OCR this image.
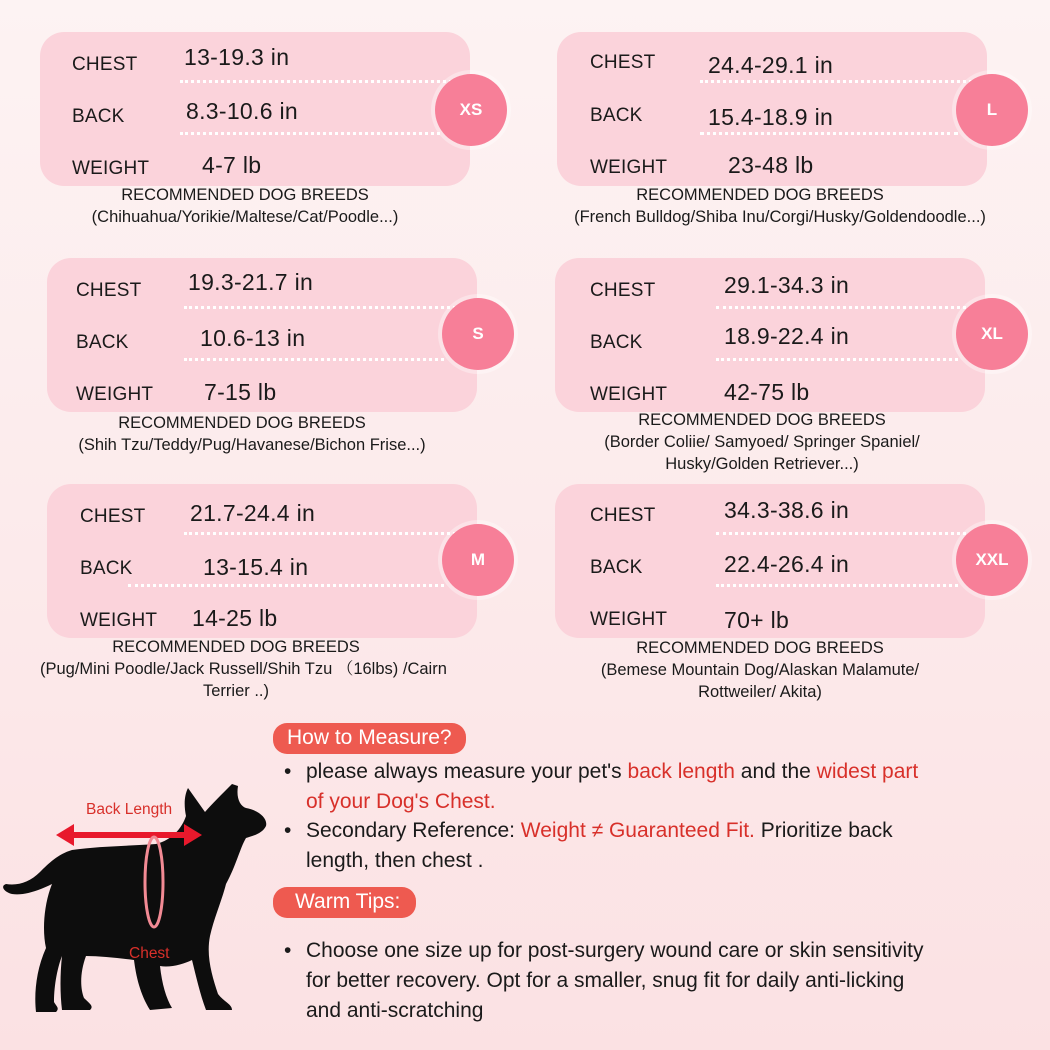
CHEST 13-19.3 in
BACK	8.3-10.6 in
WEIGHT 4-7 lb
XS
RECOMMENDED DOG BREEDS
(Chihuahua/Yorikie/Maltese/Cat/Poodle...)
CHEST 24.4-29.1 in
BACK	15.4-18.9 in
WEIGHT	23-48 lb
L
RECOMMENDED DOG BREEDS
(French Bulldog/Shiba Inu/Corgi/Husky/Goldendoodle...)
CHEST 19.3-21.7 in
BACK	10.6-13 in
WEIGHT 7-15 lb
S
RECOMMENDED DOG BREEDS
(Shih Tzu/Teddy/Pug/Havanese/Bichon Frise...)
CHEST	29.1-34.3 in
BACK	18.9-22.4 in
WEIGHT 42-75 lb
XL
RECOMMENDED DOG BREEDS
(Border Coliie/ Samyoed/ Springer Spaniel/
Husky/Golden Retriever...)
CHEST 21.7-24.4 in
BACK	13-15.4 in
WEIGHT 14-25 lb
M
RECOMMENDED DOG BREEDS
(Pug/Mini Poodle/Jack Russell/Shih Tzu （16lbs) /Cairn
Terrier ..)
CHEST	34.3-38.6 in
BACK	22.4-26.4 in
WEIGHT 70+ lb
XXL
RECOMMENDED DOG BREEDS
(Bemese Mountain Dog/Alaskan Malamute/
Rottweiler/ Akita)
Back Length
Chest
How to Measure?
• please always measure your pet's back length and the widest part
of your Dog's Chest.
• Secondary Reference: Weight ≠ Guaranteed Fit. Prioritize back
length, then chest .
Warm Tips:
• Choose one size up for post-surgery wound care or skin sensitivity
for better recovery. Opt for a smaller, snug fit for daily anti-licking
and anti-scratching
